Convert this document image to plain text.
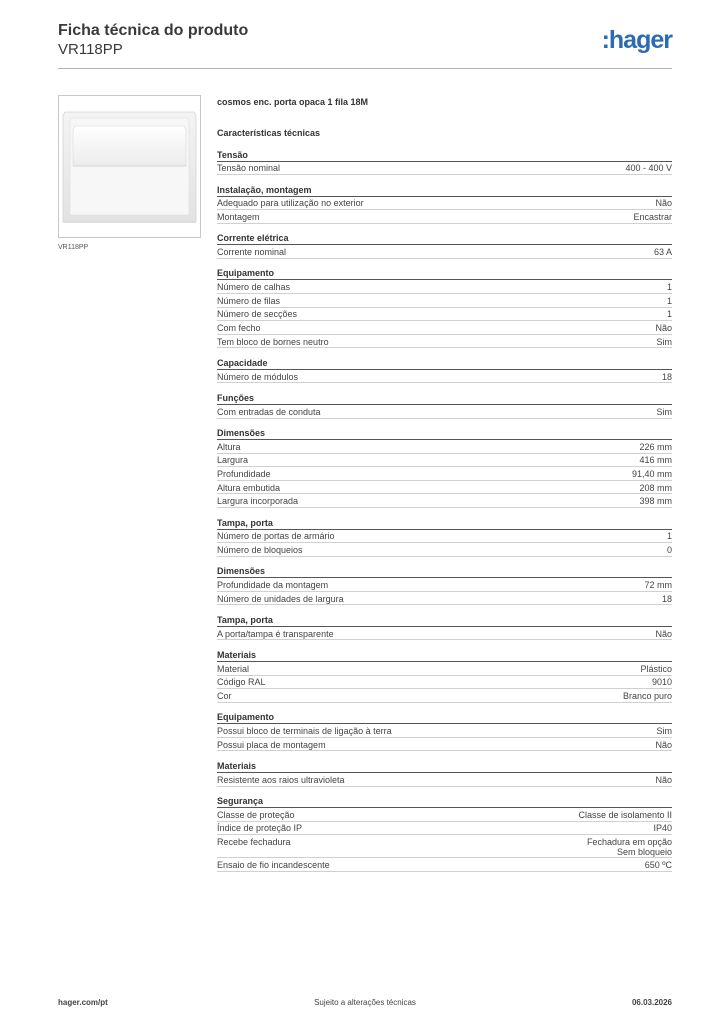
Ficha técnica do produto
VR118PP	:hager
VR118PP
cosmos enc. porta opaca 1 fila 18M
Características técnicas
Tensão
Tensão nominal	400 - 400 V
Instalação, montagem
Adequado para utilização no exterior	Não
Montagem	Encastrar
Corrente elétrica
Corrente nominal	63 A
Equipamento
Número de calhas	1
Número de filas	1
Número de secções	1
Com fecho	Não
Tem bloco de bornes neutro	Sim
Capacidade
Número de módulos	18
Funções
Com entradas de conduta	Sim
Dimensões
Altura	226 mm
Largura	416 mm
Profundidade	91,40 mm
Altura embutida	208 mm
Largura incorporada	398 mm
Tampa, porta
Número de portas de armário	1
Número de bloqueios	0
Dimensões
Profundidade da montagem	72 mm
Número de unidades de largura	18
Tampa, porta
A porta/tampa é transparente	Não
Materiais
Material	Plástico
Código RAL	9010
Cor	Branco puro
Equipamento
Possui bloco de terminais de ligação à terra	Sim
Possui placa de montagem	Não
Materiais
Resistente aos raios ultravioleta	Não
Segurança
Classe de proteção	Classe de isolamento II
Índice de proteção IP	IP40
Recebe fechadura	Fechadura em opção
Sem bloqueio
Ensaio de fio incandescente	650 ºC
hager.com/pt	Sujeito a alterações técnicas	06.03.2026
